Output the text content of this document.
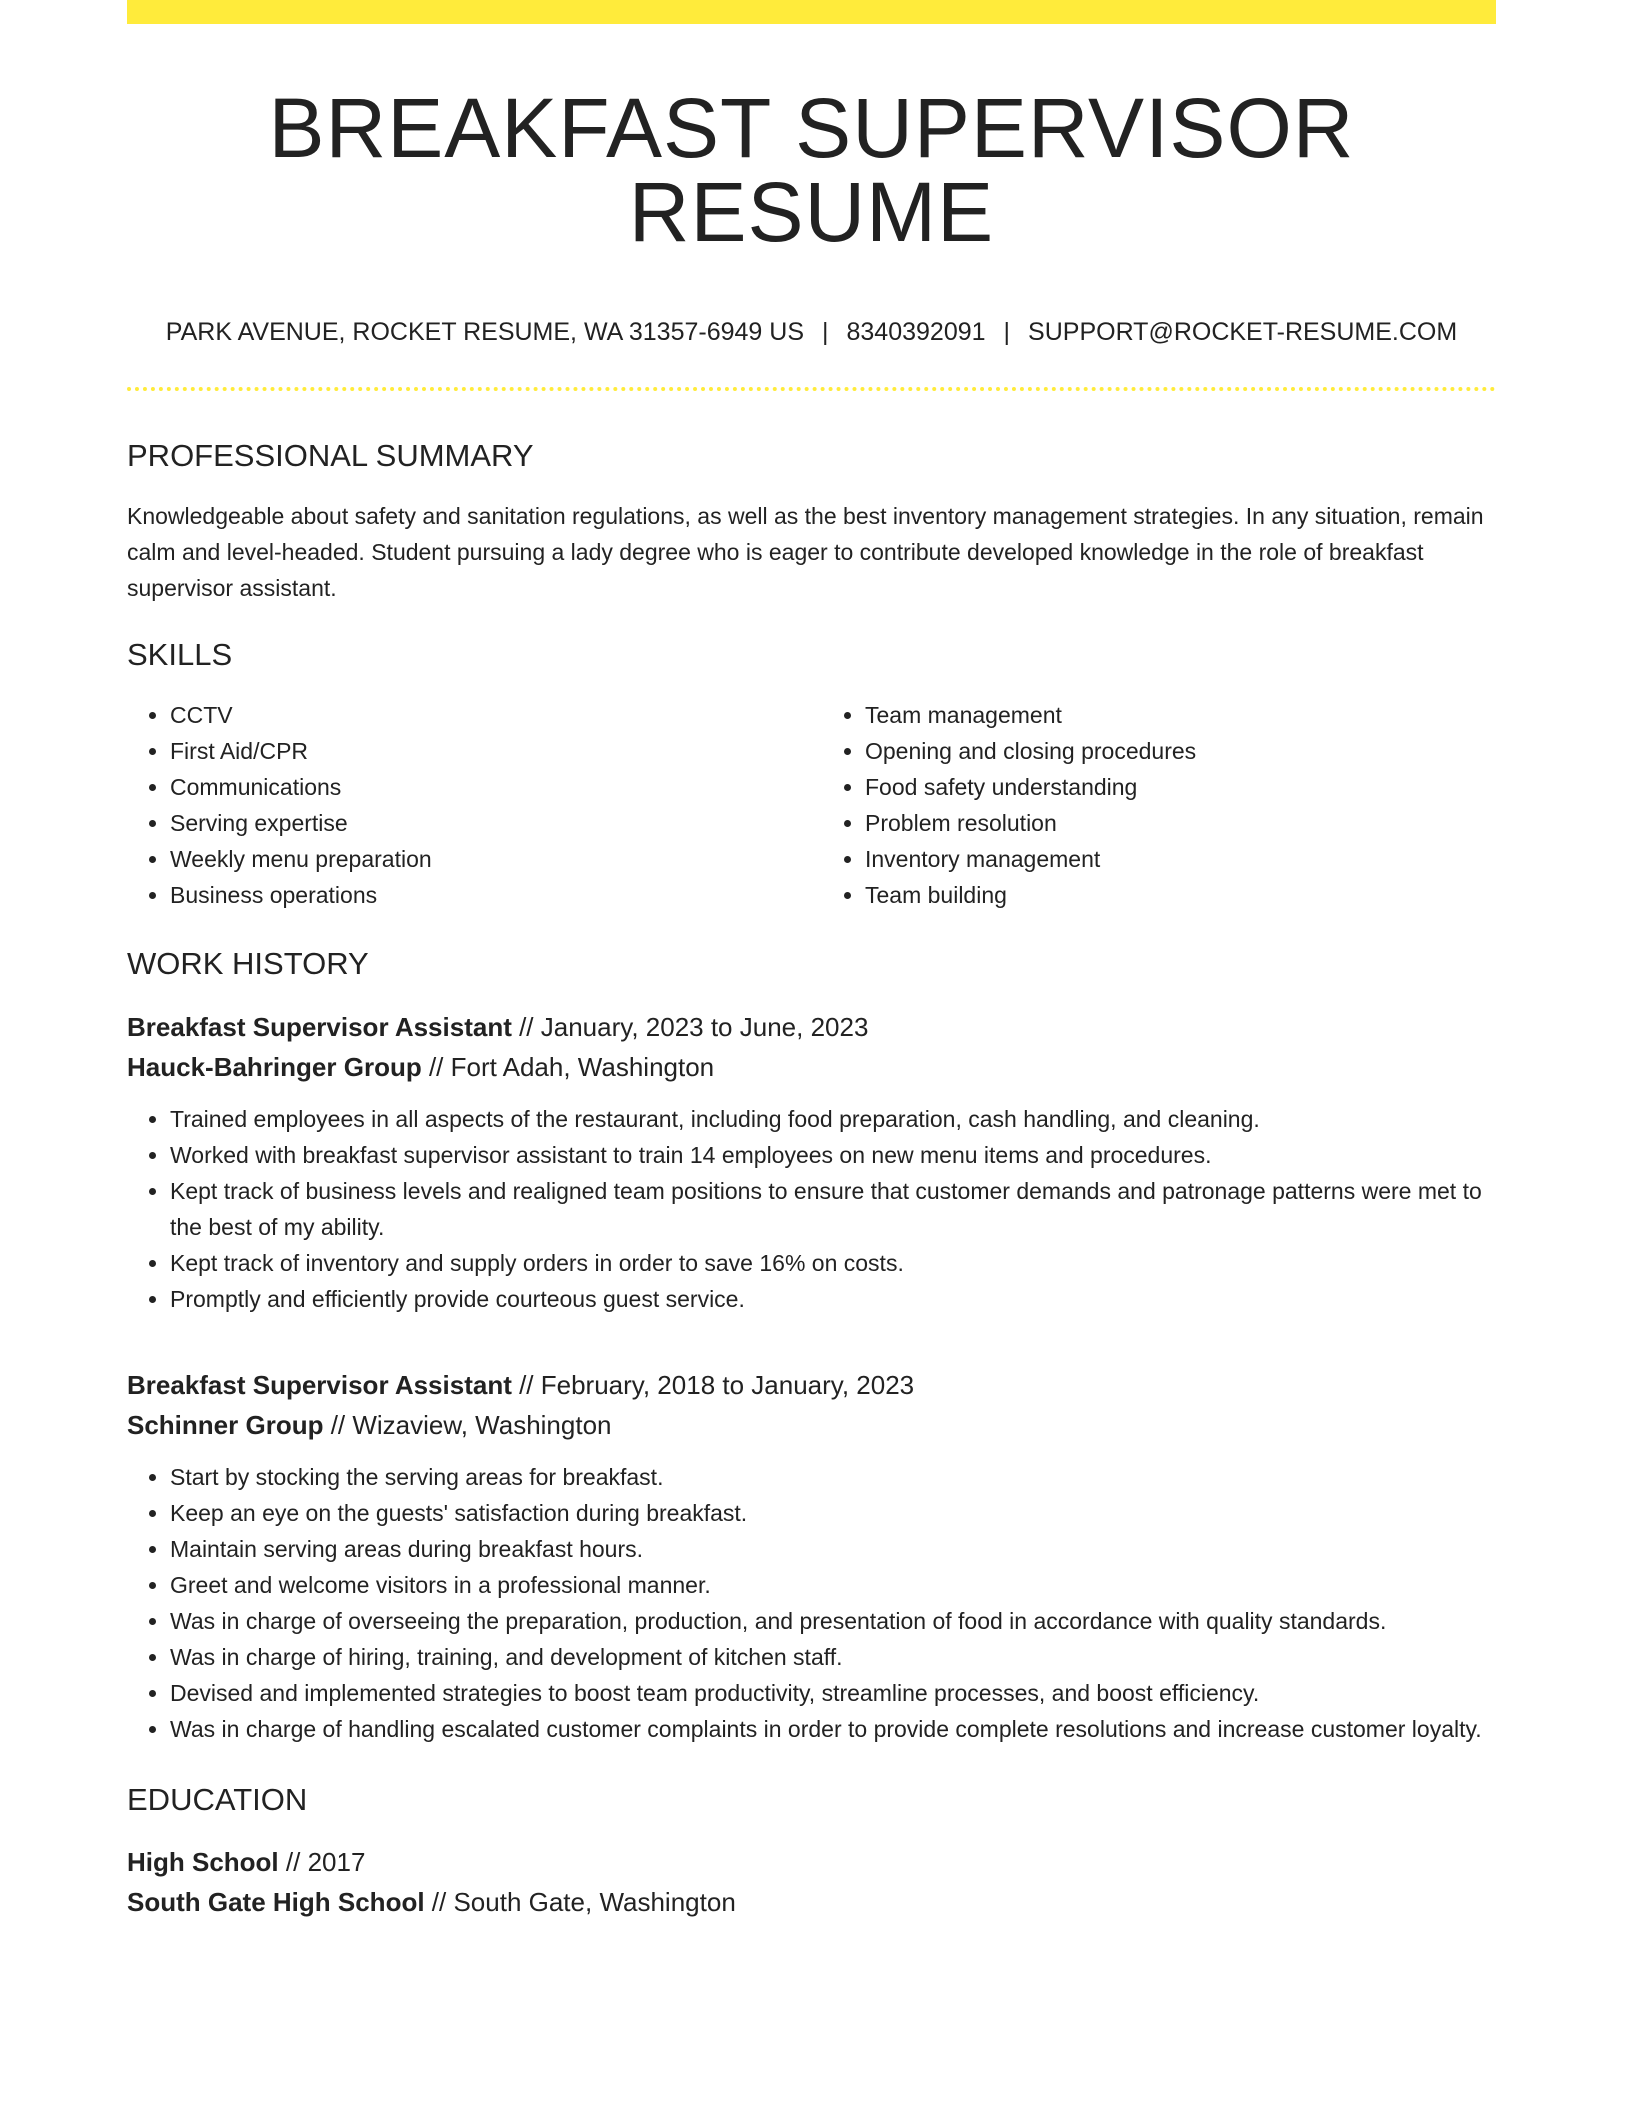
BREAKFAST SUPERVISOR RESUME
PARK AVENUE, ROCKET RESUME, WA 31357-6949 US | 8340392091 | SUPPORT@ROCKET-RESUME.COM
PROFESSIONAL SUMMARY

Knowledgeable about safety and sanitation regulations, as well as the best inventory management strategies. In any situation, remain calm and level-headed. Student pursuing a lady degree who is eager to contribute developed knowledge in the role of breakfast supervisor assistant.

SKILLS
• CCTV
• First Aid/CPR
• Communications
• Serving expertise
• Weekly menu preparation
• Business operations
• Team management
• Opening and closing procedures
• Food safety understanding
• Problem resolution
• Inventory management
• Team building
WORK HISTORY
Breakfast Supervisor Assistant // January, 2023 to June, 2023
Hauck-Bahringer Group // Fort Adah, Washington
• Trained employees in all aspects of the restaurant, including food preparation, cash handling, and cleaning.
• Worked with breakfast supervisor assistant to train 14 employees on new menu items and procedures.
• Kept track of business levels and realigned team positions to ensure that customer demands and patronage patterns were met to the best of my ability.
• Kept track of inventory and supply orders in order to save 16% on costs.
• Promptly and efficiently provide courteous guest service.
Breakfast Supervisor Assistant // February, 2018 to January, 2023
Schinner Group // Wizaview, Washington
• Start by stocking the serving areas for breakfast.
• Keep an eye on the guests' satisfaction during breakfast.
• Maintain serving areas during breakfast hours.
• Greet and welcome visitors in a professional manner.
• Was in charge of overseeing the preparation, production, and presentation of food in accordance with quality standards.
• Was in charge of hiring, training, and development of kitchen staff.
• Devised and implemented strategies to boost team productivity, streamline processes, and boost efficiency.
• Was in charge of handling escalated customer complaints in order to provide complete resolutions and increase customer loyalty.
EDUCATION
High School // 2017
South Gate High School // South Gate, Washington
